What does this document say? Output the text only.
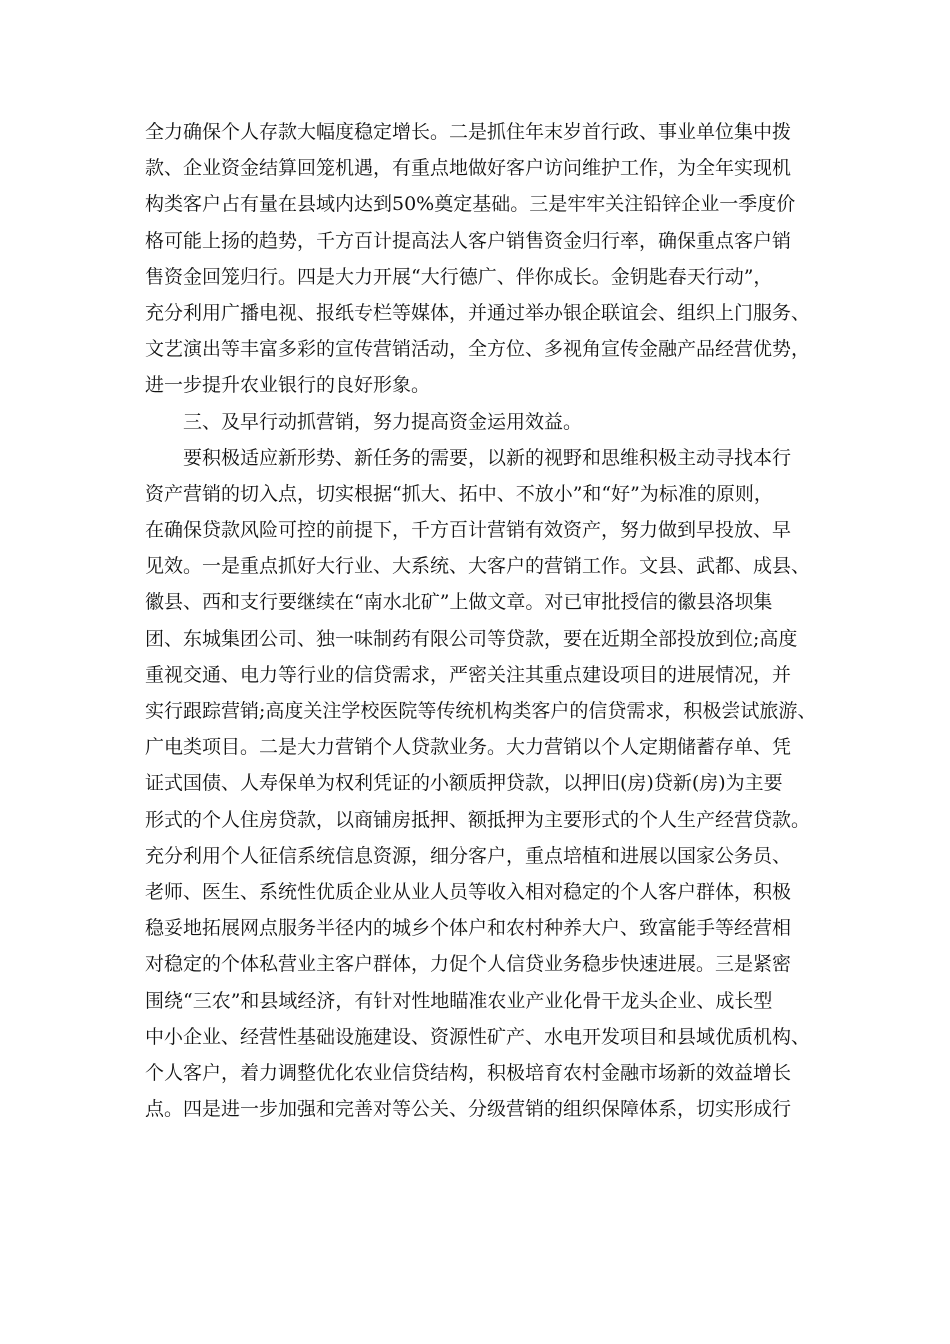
全力确保个人存款大幅度稳定增长。二是抓住年末岁首行政、事业单位集中拨
款、企业资金结算回笼机遇，有重点地做好客户访问维护工作，为全年实现机
构类客户占有量在县域内达到50%奠定基础。三是牢牢关注铅锌企业一季度价
格可能上扬的趋势，千方百计提高法人客户销售资金归行率，确保重点客户销
售资金回笼归行。四是大力开展“大行德广、伴你成长。金钥匙春天行动”，
充分利用广播电视、报纸专栏等媒体，并通过举办银企联谊会、组织上门服务、
文艺演出等丰富多彩的宣传营销活动，全方位、多视角宣传金融产品经营优势，
进一步提升农业银行的良好形象。
三、及早行动抓营销，努力提高资金运用效益。
要积极适应新形势、新任务的需要，以新的视野和思维积极主动寻找本行
资产营销的切入点，切实根据“抓大、拓中、不放小”和“好”为标准的原则，
在确保贷款风险可控的前提下，千方百计营销有效资产，努力做到早投放、早
见效。一是重点抓好大行业、大系统、大客户的营销工作。文县、武都、成县、
徽县、西和支行要继续在“南水北矿”上做文章。对已审批授信的徽县洛坝集
团、东城集团公司、独一味制药有限公司等贷款，要在近期全部投放到位;高度
重视交通、电力等行业的信贷需求，严密关注其重点建设项目的进展情况，并
实行跟踪营销;高度关注学校医院等传统机构类客户的信贷需求，积极尝试旅游、
广电类项目。二是大力营销个人贷款业务。大力营销以个人定期储蓄存单、凭
证式国债、人寿保单为权利凭证的小额质押贷款，以押旧(房)贷新(房)为主要
形式的个人住房贷款，以商铺房抵押、额抵押为主要形式的个人生产经营贷款。
充分利用个人征信系统信息资源，细分客户，重点培植和进展以国家公务员、
老师、医生、系统性优质企业从业人员等收入相对稳定的个人客户群体，积极
稳妥地拓展网点服务半径内的城乡个体户和农村种养大户、致富能手等经营相
对稳定的个体私营业主客户群体，力促个人信贷业务稳步快速进展。三是紧密
围绕“三农”和县域经济，有针对性地瞄准农业产业化骨干龙头企业、成长型
中小企业、经营性基础设施建设、资源性矿产、水电开发项目和县域优质机构、
个人客户，着力调整优化农业信贷结构，积极培育农村金融市场新的效益增长
点。四是进一步加强和完善对等公关、分级营销的组织保障体系，切实形成行
